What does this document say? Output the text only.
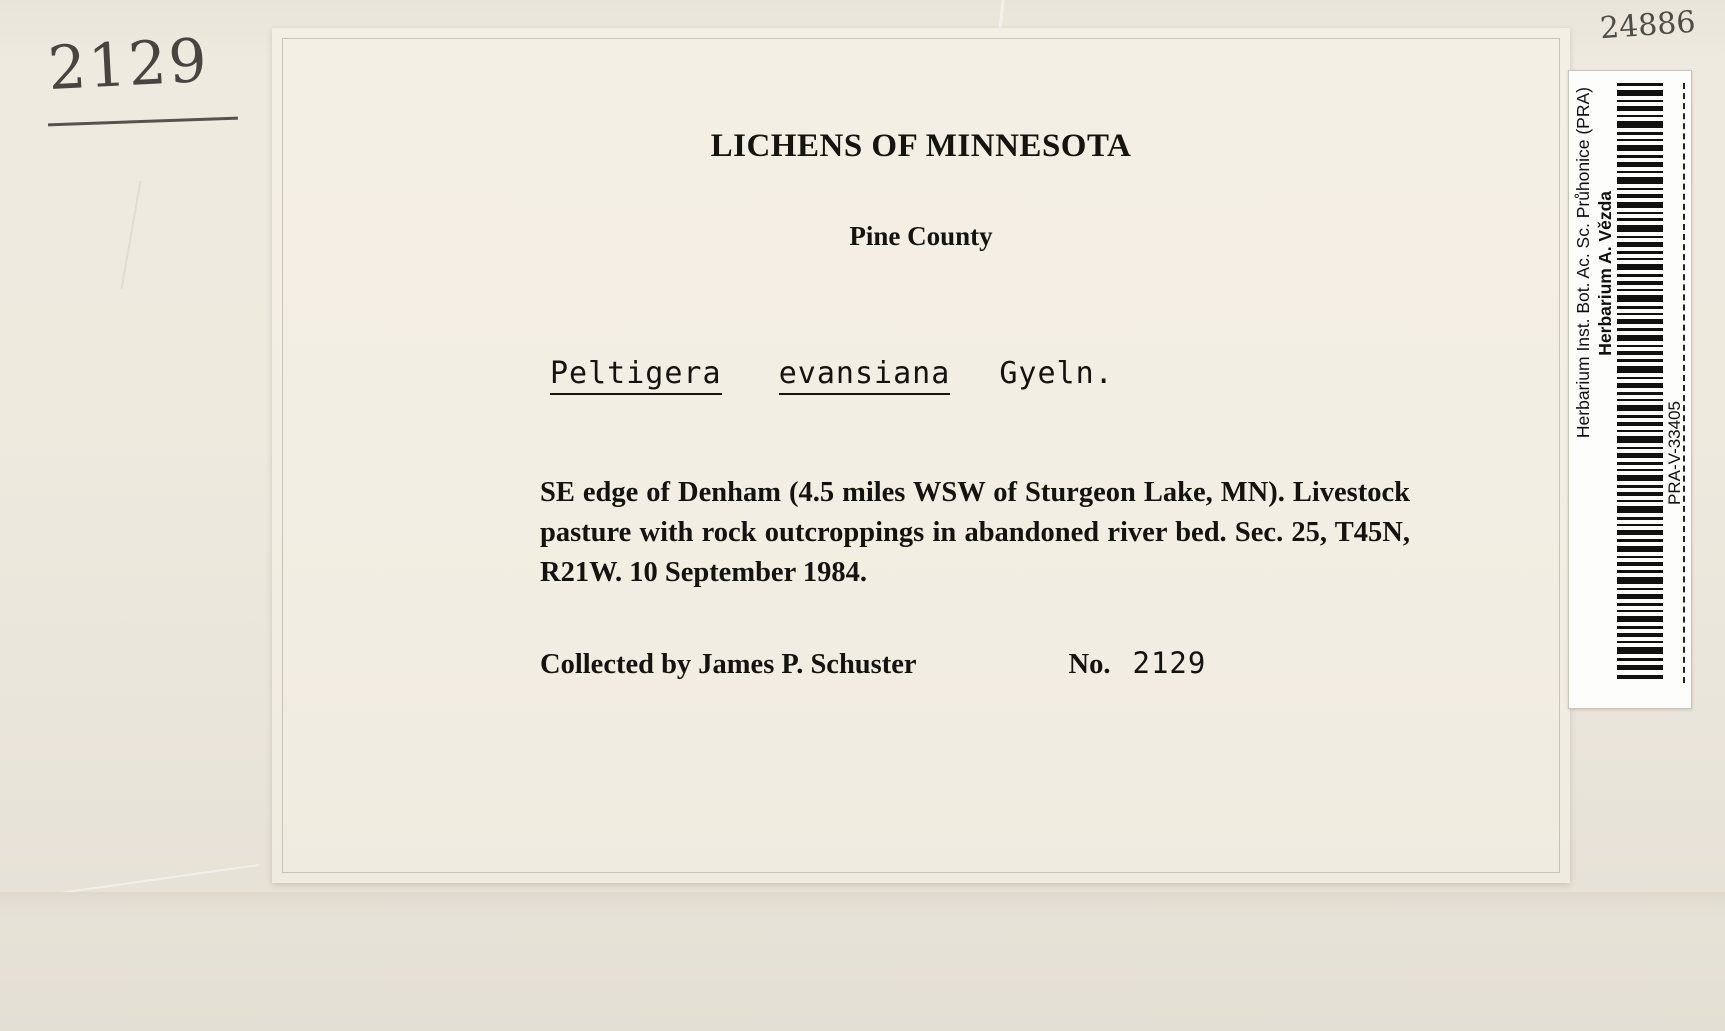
2129
24886
LICHENS OF MINNESOTA
Pine County
Peltigera evansiana Gyeln.
SE edge of Denham (4.5 miles WSW of Sturgeon Lake, MN). Livestock pasture with rock outcroppings in abandoned river bed. Sec. 25, T45N, R21W. 10 September 1984.
Collected by James P. Schuster	No. 2129
Herbarium Inst. Bot. Ac. Sc. Průhonice (PRA) Herbarium A. Vězda
PRA-V-33405
